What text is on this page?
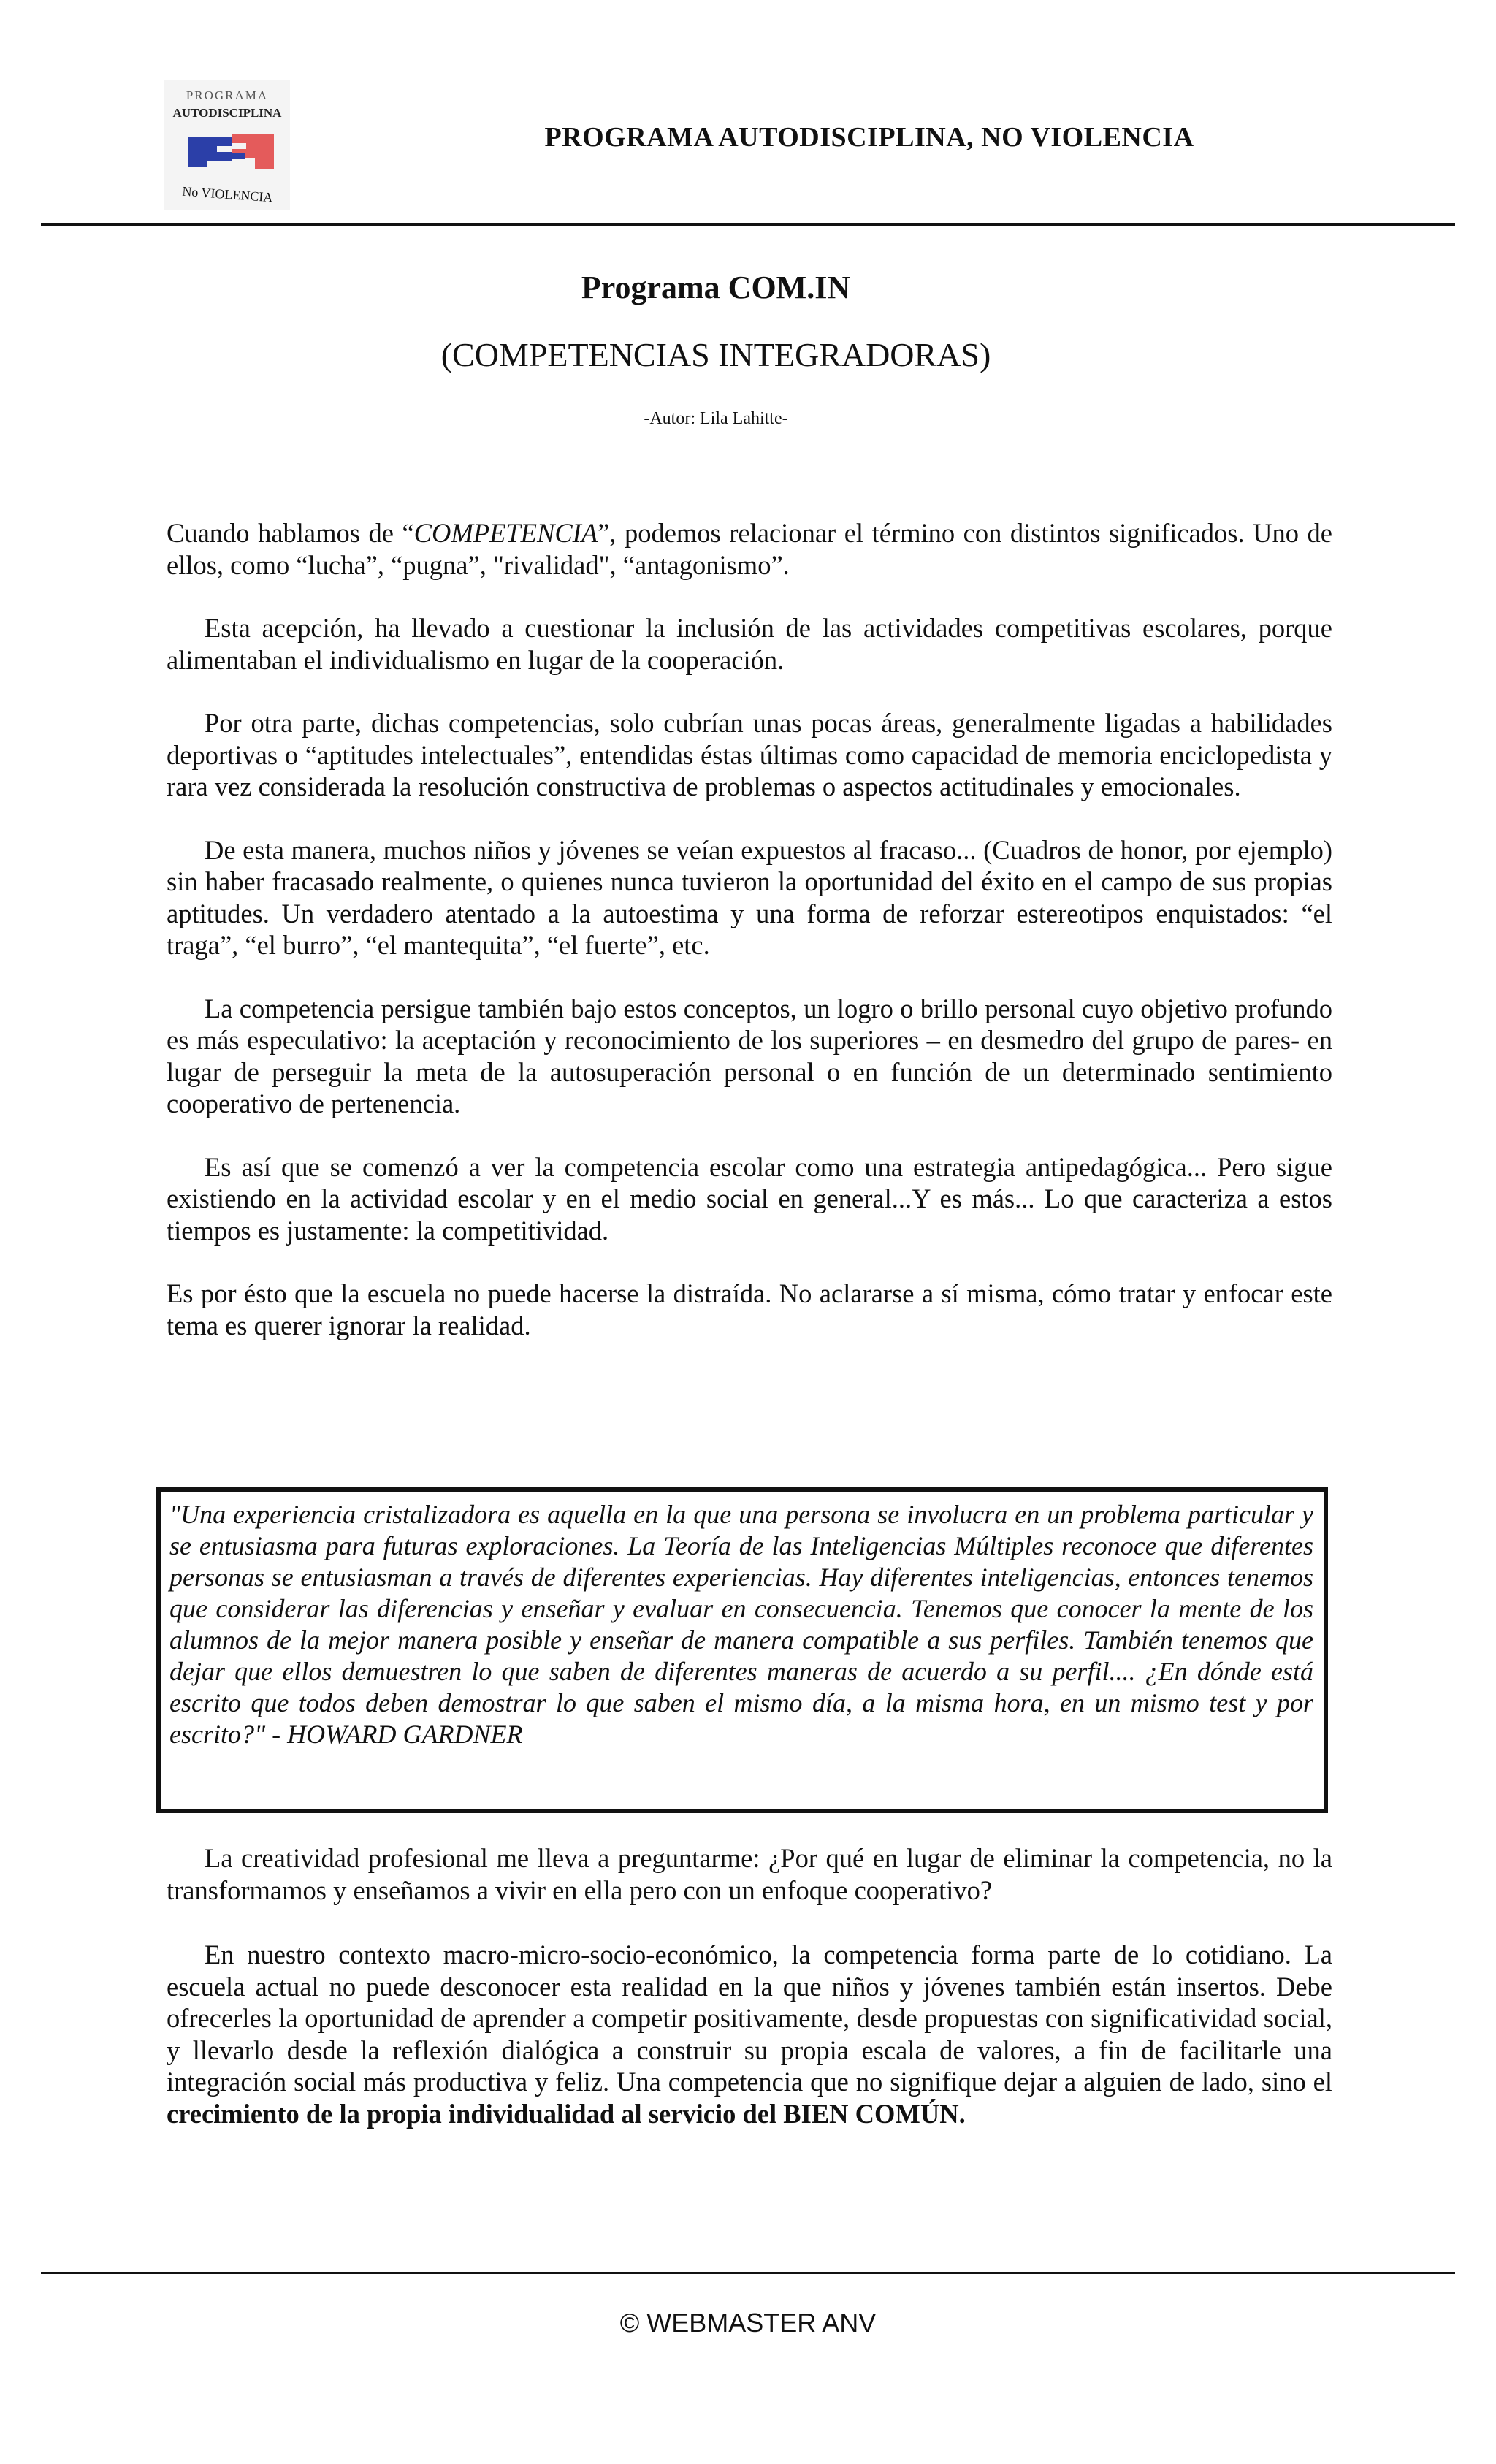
PROGRAMA
AUTODISCIPLINA
No VIOLENCIA
PROGRAMA AUTODISCIPLINA, NO VIOLENCIA
Programa COM.IN
(COMPETENCIAS INTEGRADORAS)
-Autor: Lila Lahitte-

Cuando hablamos de “COMPETENCIA”, podemos relacionar el término con distintos significados. Uno de ellos, como “lucha”, “pugna”, "rivalidad", “antagonismo”.

Esta acepción, ha llevado a cuestionar la inclusión de las actividades competitivas escolares, porque alimentaban el individualismo en lugar de la cooperación.

Por otra parte, dichas competencias, solo cubrían unas pocas áreas, generalmente ligadas a habilidades deportivas o “aptitudes intelectuales”, entendidas éstas últimas como capacidad de memoria enciclopedista y rara vez considerada la resolución constructiva de problemas o aspectos actitudinales y emocionales.

De esta manera, muchos niños y jóvenes se veían expuestos al fracaso... (Cuadros de honor, por ejemplo) sin haber fracasado realmente, o quienes nunca tuvieron la oportunidad del éxito en el campo de sus propias aptitudes. Un verdadero atentado a la autoestima y una forma de reforzar estereotipos enquistados: “el traga”, “el burro”, “el mantequita”, “el fuerte”, etc.

La competencia persigue también bajo estos conceptos, un logro o brillo personal cuyo objetivo profundo es más especulativo: la aceptación y reconocimiento de los superiores – en desmedro del grupo de pares- en lugar de perseguir la meta de la autosuperación personal o en función de un determinado sentimiento cooperativo de pertenencia.

Es así que se comenzó a ver la competencia escolar como una estrategia antipedagógica... Pero sigue existiendo en la actividad escolar y en el medio social en general...Y es más... Lo que caracteriza a estos tiempos es justamente: la competitividad.

Es por ésto que la escuela no puede hacerse la distraída. No aclararse a sí misma, cómo tratar y enfocar este tema es querer ignorar la realidad.

"Una experiencia cristalizadora es aquella en la que una persona se involucra en un problema particular y se entusiasma para futuras exploraciones. La Teoría de las Inteligencias Múltiples reconoce que diferentes personas se entusiasman a través de diferentes experiencias. Hay diferentes inteligencias, entonces tenemos que considerar las diferencias y enseñar y evaluar en consecuencia. Tenemos que conocer la mente de los alumnos de la mejor manera posible y enseñar de manera compatible a sus perfiles. También tenemos que dejar que ellos demuestren lo que saben de diferentes maneras de acuerdo a su perfil.... ¿En dónde está escrito que todos deben demostrar lo que saben el mismo día, a la misma hora, en un mismo test y por escrito?" - HOWARD GARDNER

La creatividad profesional me lleva a preguntarme: ¿Por qué en lugar de eliminar la competencia, no la transformamos y enseñamos a vivir en ella pero con un enfoque cooperativo?

En nuestro contexto macro-micro-socio-económico, la competencia forma parte de lo cotidiano. La escuela actual no puede desconocer esta realidad en la que niños y jóvenes también están insertos. Debe ofrecerles la oportunidad de aprender a competir positivamente, desde propuestas con significatividad social, y llevarlo desde la reflexión dialógica a construir su propia escala de valores, a fin de facilitarle una integración social más productiva y feliz. Una competencia que no signifique dejar a alguien de lado, sino el crecimiento de la propia individualidad al servicio del BIEN COMÚN.

© WEBMASTER ANV
